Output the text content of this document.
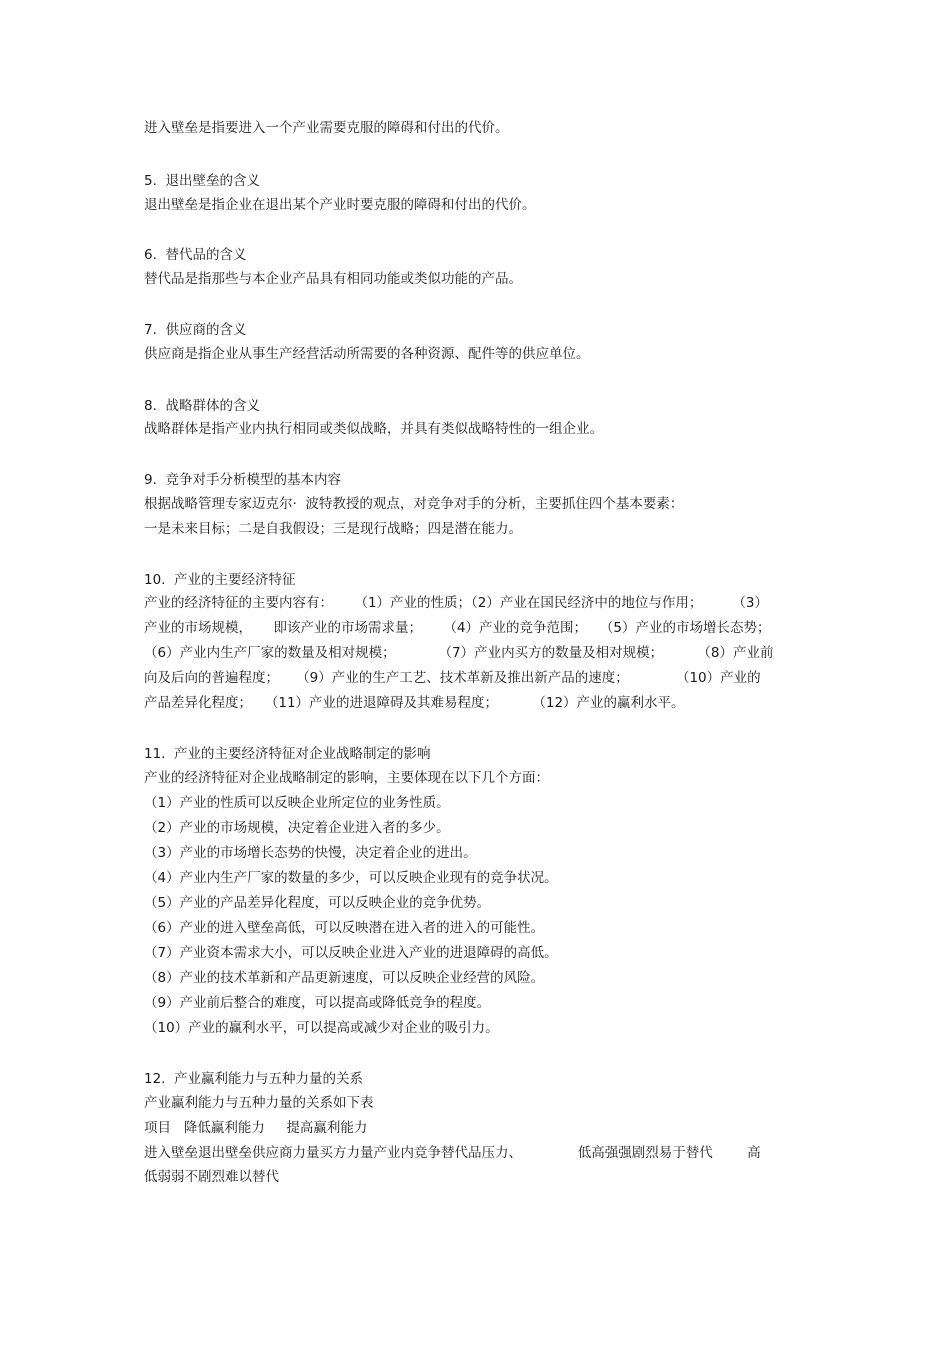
进入壁垒是指要进入一个产业需要克服的障碍和付出的代价。
5.  退出壁垒的含义
退出壁垒是指企业在退出某个产业时要克服的障碍和付出的代价。
6.  替代品的含义
替代品是指那些与本企业产品具有相同功能或类似功能的产品。
7.  供应商的含义
供应商是指企业从事生产经营活动所需要的各种资源、配件等的供应单位。
8.  战略群体的含义
战略群体是指产业内执行相同或类似战略，并具有类似战略特性的一组企业。
9.  竞争对手分析模型的基本内容
根据战略管理专家迈克尔·  波特教授的观点，对竞争对手的分析，主要抓住四个基本要素：
一是未来目标；二是自我假设；三是现行战略；四是潜在能力。
10.  产业的主要经济特征
产业的经济特征的主要内容有：     （1）产业的性质；（2）产业在国民经济中的地位与作用；       （3）
产业的市场规模，     即该产业的市场需求量；     （4）产业的竞争范围；   （5）产业的市场增长态势；
（6）产业内生产厂家的数量及相对规模；          （7）产业内买方的数量及相对规模；        （8）产业前
向及后向的普遍程度；    （9）产业的生产工艺、技术革新及推出新产品的速度；           （10）产业的
产品差异化程度；   （11）产业的进退障碍及其难易程度；        （12）产业的赢利水平。
11.  产业的主要经济特征对企业战略制定的影响
产业的经济特征对企业战略制定的影响，主要体现在以下几个方面：
（1）产业的性质可以反映企业所定位的业务性质。
（2）产业的市场规模，决定着企业进入者的多少。
（3）产业的市场增长态势的快慢，决定着企业的进出。
（4）产业内生产厂家的数量的多少，可以反映企业现有的竞争状况。
（5）产业的产品差异化程度，可以反映企业的竞争优势。
（6）产业的进入壁垒高低，可以反映潜在进入者的进入的可能性。
（7）产业资本需求大小，可以反映企业进入产业的进退障碍的高低。
（8）产业的技术革新和产品更新速度，可以反映企业经营的风险。
（9）产业前后整合的难度，可以提高或降低竞争的程度。
（10）产业的赢利水平，可以提高或减少对企业的吸引力。
12.  产业赢利能力与五种力量的关系
产业赢利能力与五种力量的关系如下表
项目   降低赢利能力     提高赢利能力
进入壁垒退出壁垒供应商力量买方力量产业内竞争替代品压力、             低高强强剧烈易于替代        高
低弱弱不剧烈难以替代
